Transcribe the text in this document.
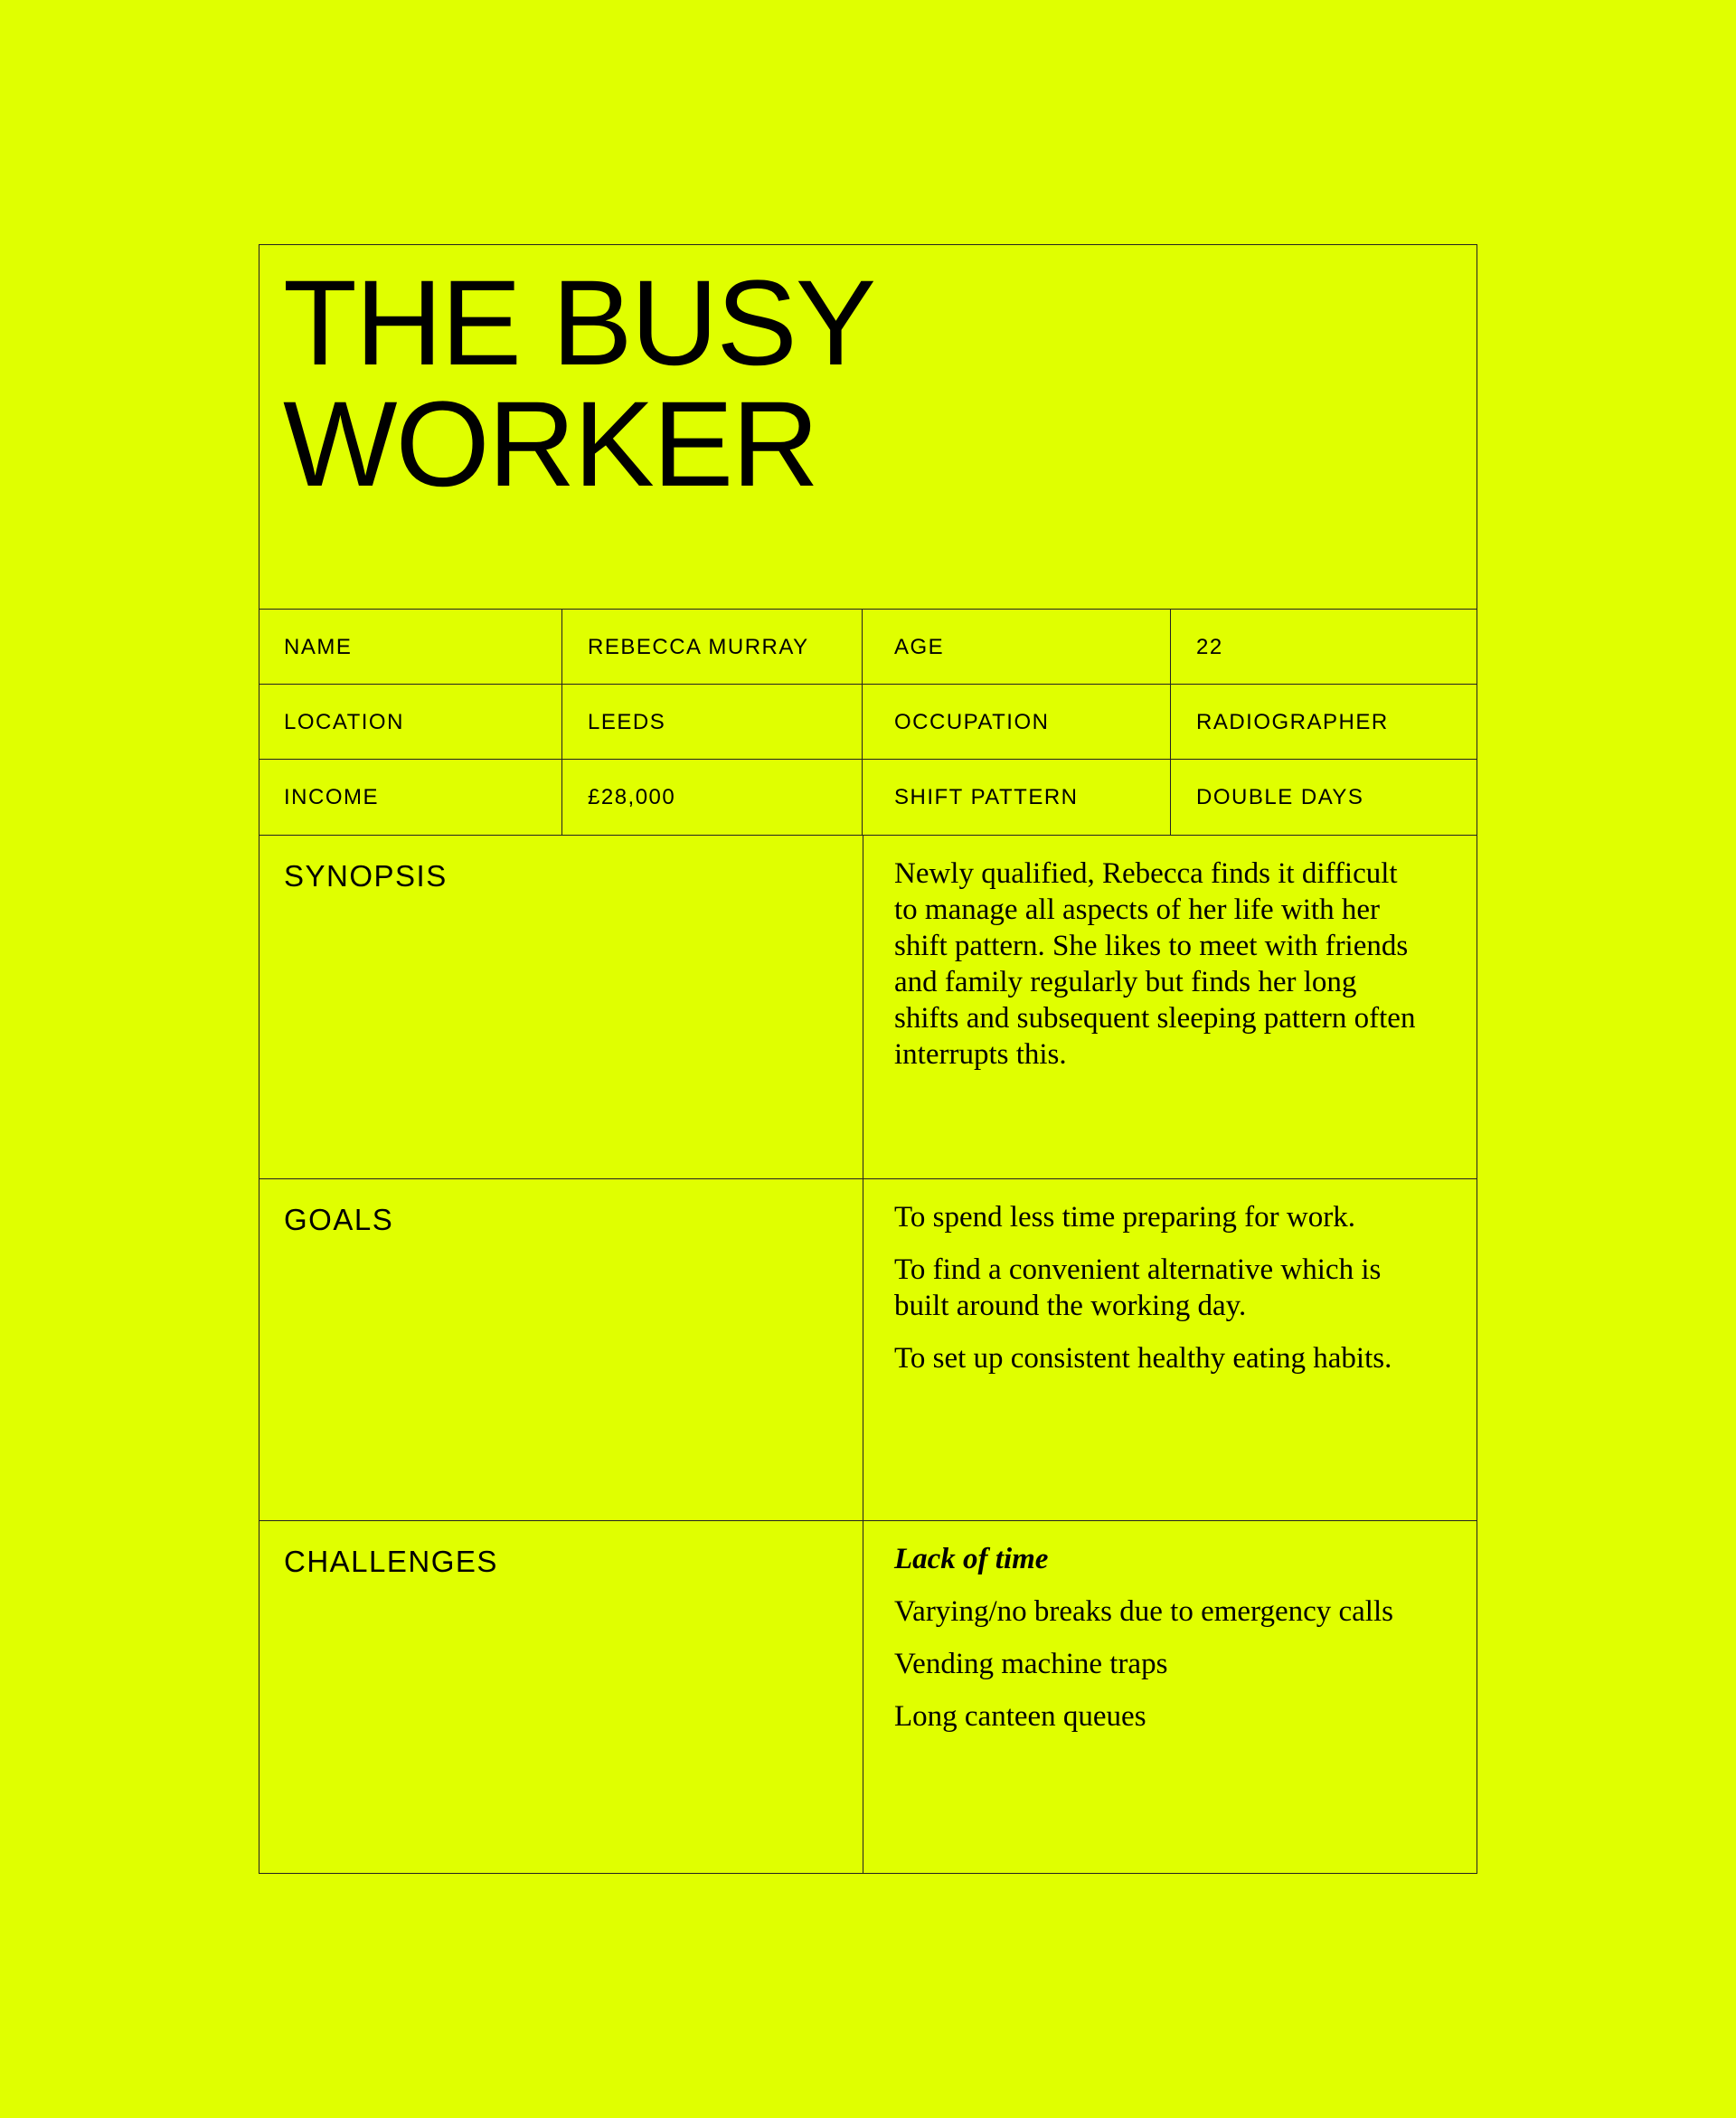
THE BUSY
WORKER
NAME	REBECCA MURRAY	AGE	22
LOCATION	LEEDS	OCCUPATION	RADIOGRAPHER
INCOME	£28,000	SHIFT PATTERN	DOUBLE DAYS
SYNOPSIS	Newly qualified, Rebecca finds it difficult to manage all aspects of her life with her shift pattern. She likes to meet with friends and family regularly but finds her long shifts and subsequent sleeping pattern often interrupts this.

GOALS	To spend less time preparing for work.

To find a convenient alternative which is built around the working day.

To set up consistent healthy eating habits.

CHALLENGES	Lack of time

Varying/no breaks due to emergency calls

Vending machine traps

Long canteen queues
